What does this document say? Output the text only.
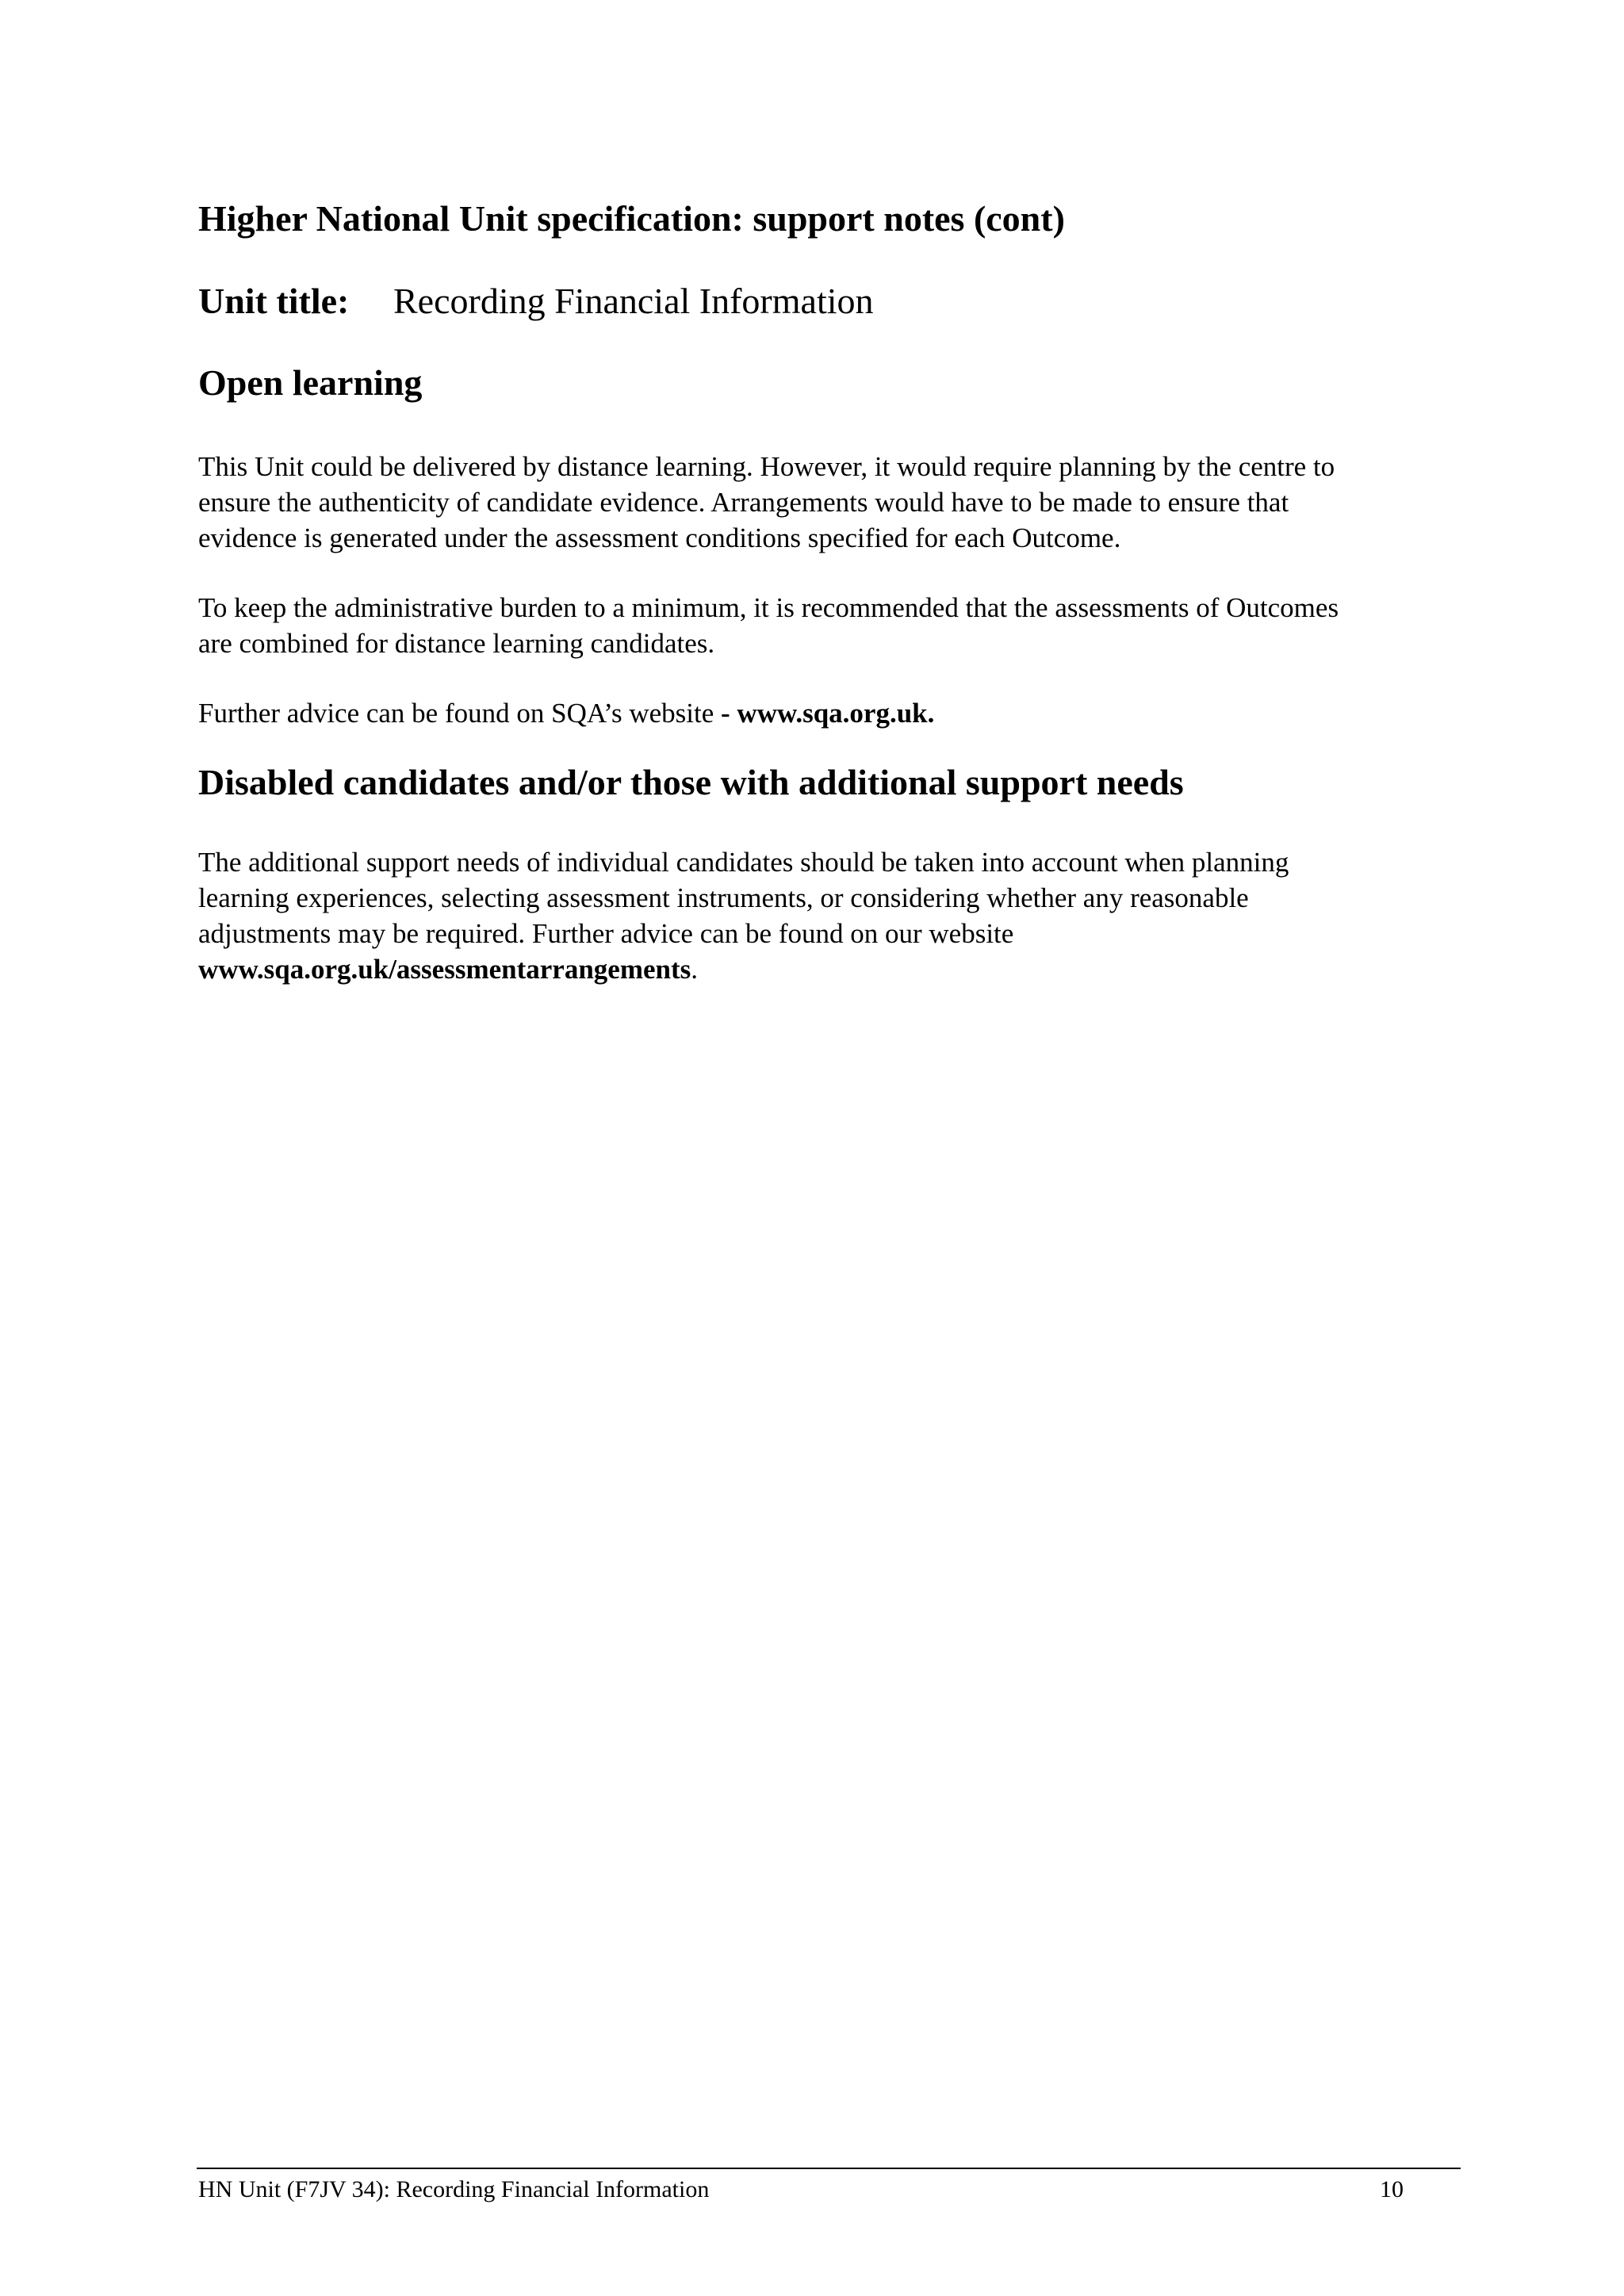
Higher National Unit specification: support notes (cont)
Unit title: Recording Financial Information
Open learning

This Unit could be delivered by distance learning. However, it would require planning by the centre to
ensure the authenticity of candidate evidence. Arrangements would have to be made to ensure that
evidence is generated under the assessment conditions specified for each Outcome.

To keep the administrative burden to a minimum, it is recommended that the assessments of Outcomes
are combined for distance learning candidates.

Further advice can be found on SQA’s website - www.sqa.org.uk.

Disabled candidates and/or those with additional support needs

The additional support needs of individual candidates should be taken into account when planning
learning experiences, selecting assessment instruments, or considering whether any reasonable
adjustments may be required. Further advice can be found on our website
www.sqa.org.uk/assessmentarrangements.

HN Unit (F7JV 34): Recording Financial Information	10
